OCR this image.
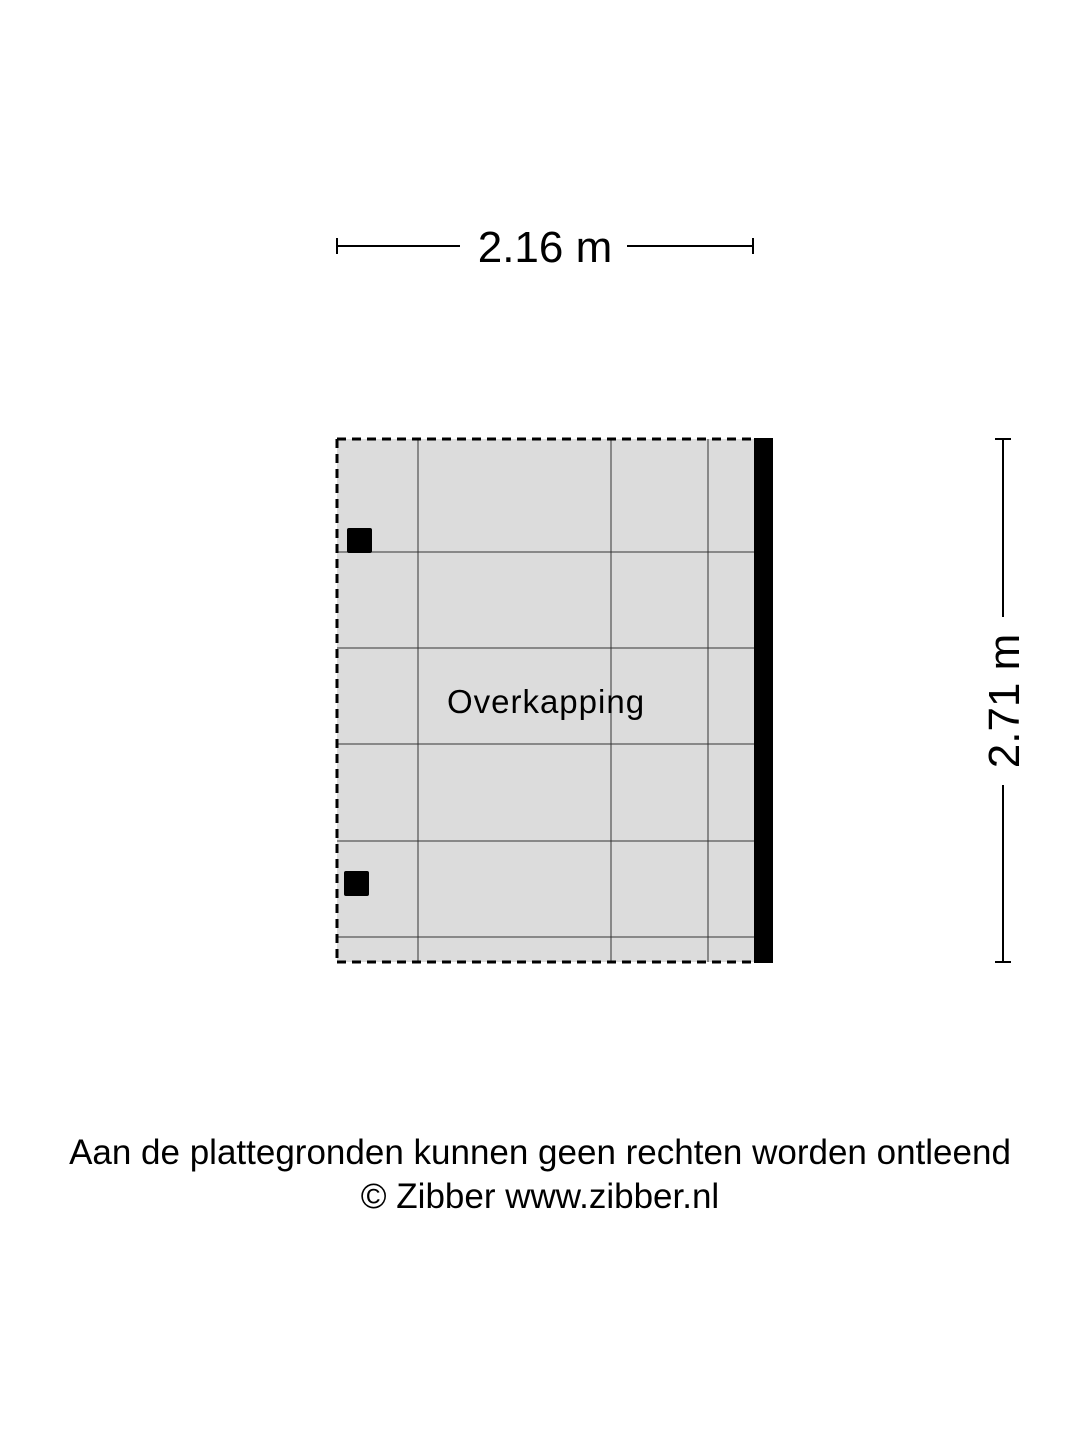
2.16 m
Overkapping	2.71 m
Aan de plattegronden kunnen geen rechten worden ontleend
© Zibber www.zibber.nl
